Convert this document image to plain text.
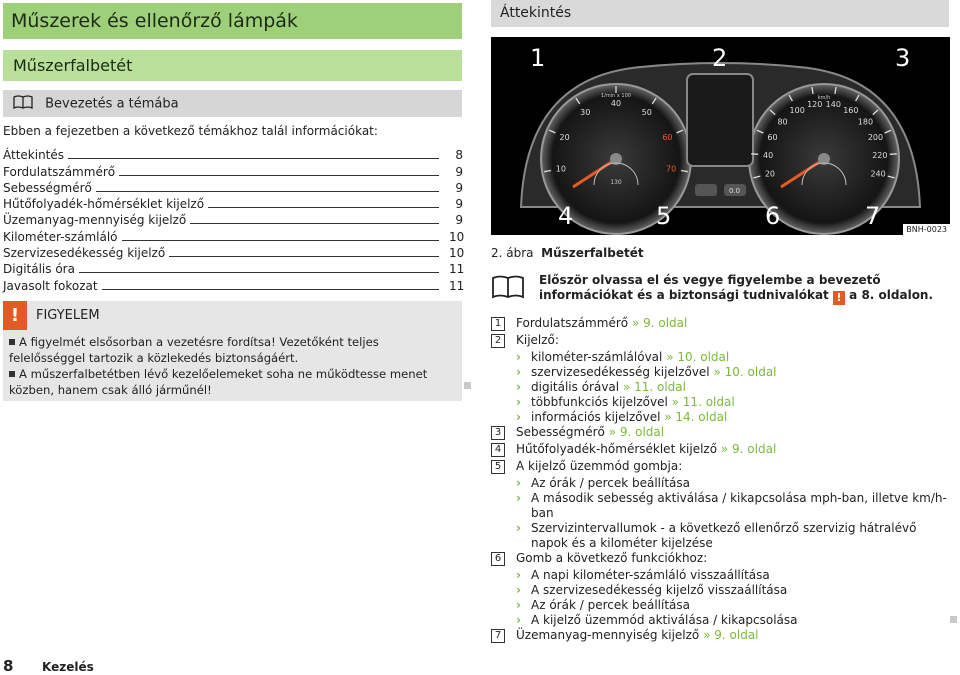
Műszerek és ellenőrző lámpák
Műszerfalbetét
Bevezetés a témába
Ebben a fejezetben a következő témákhoz talál információkat:
Áttekintés	8
Fordulatszámmérő	9
Sebességmérő	9
Hűtőfolyadék-hőmérséklet kijelző	9
Üzemanyag-mennyiség kijelző	9
Kilométer-számláló	10
Szervizesedékesség kijelző	10
Digitális óra	11
Javasolt fokozat	11
!	FIGYELEM
A figyelmét elsősorban a vezetésre fordítsa! Vezetőként teljes felelősséggel tartozik a közlekedés biztonságáért.
A műszerfalbetétben lévő kezelőelemeket soha ne működtesse menet közben, hanem csak álló járműnél!
8 Kezelés
Áttekintés
0.0
10
20
30
40
50
60
70
20
40
60
80
100
120 140
160
180
200
220
240
130
1/min x 100	km/h
1	2	3
4	5	6	7	BNH-0023
2. ábra Műszerfalbetét
Először olvassa el és vegye figyelembe a bevezető információkat és a biztonsági tudnivalókat ! a 8. oldalon.
1	Fordulatszámmérő » 9. oldal
2	Kijelző:
› kilométer-számlálóval » 10. oldal
› szervizesedékesség kijelzővel » 10. oldal
› digitális órával » 11. oldal
› többfunkciós kijelzővel » 11. oldal
› információs kijelzővel » 14. oldal
3	Sebességmérő » 9. oldal
4	Hűtőfolyadék-hőmérséklet kijelző » 9. oldal
5	A kijelző üzemmód gombja:
› Az órák / percek beállítása
› A második sebesség aktiválása / kikapcsolása mph-ban, illetve km/h-ban
› Szervizintervallumok - a következő ellenőrző szervizig hátralévő napok és a kilométer kijelzése
6	Gomb a következő funkciókhoz:
› A napi kilométer-számláló visszaállítása
› A szervizesedékesség kijelző visszaállítása
› Az órák / percek beállítása
› A kijelző üzemmód aktiválása / kikapcsolása
7	Üzemanyag-mennyiség kijelző » 9. oldal
